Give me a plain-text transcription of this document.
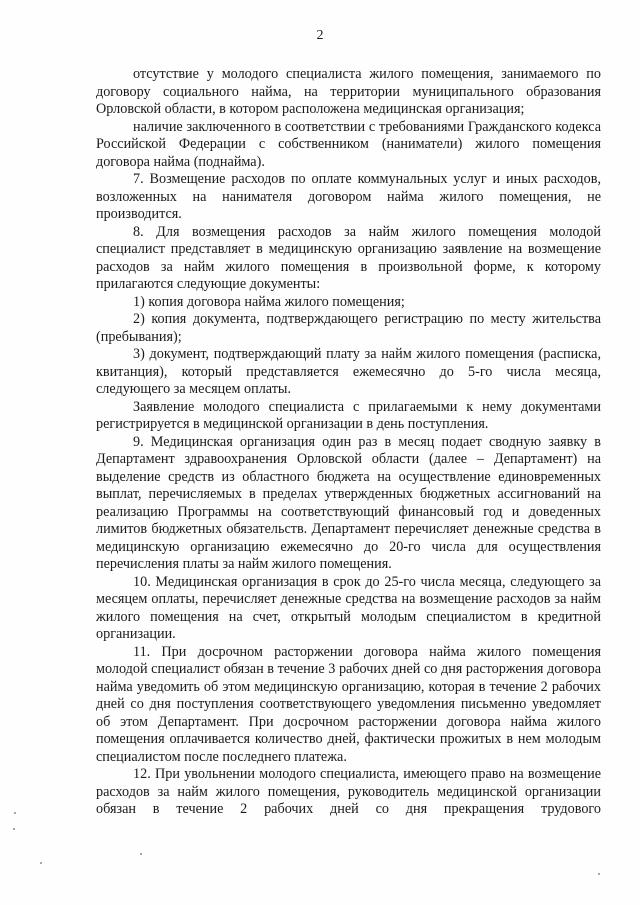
2

отсутствие у молодого специалиста жилого помещения, занимаемого по договору социального найма, на территории муниципального образования Орловской области, в котором расположена медицинская организация;

наличие заключенного в соответствии с требованиями Гражданского кодекса Российской Федерации с собственником (наниматели) жилого помещения договора найма (поднайма).

7. Возмещение расходов по оплате коммунальных услуг и иных расходов, возложенных на нанимателя договором найма жилого помещения, не производится.

8. Для возмещения расходов за найм жилого помещения молодой специалист представляет в медицинскую организацию заявление на возмещение расходов за найм жилого помещения в произвольной форме, к которому прилагаются следующие документы:

1) копия договора найма жилого помещения;

2) копия документа, подтверждающего регистрацию по месту жительства (пребывания);

3) документ, подтверждающий плату за найм жилого помещения (расписка, квитанция), который представляется ежемесячно до 5-го числа месяца, следующего за месяцем оплаты.

Заявление молодого специалиста с прилагаемыми к нему документами регистрируется в медицинской организации в день поступления.

9. Медицинская организация один раз в месяц подает сводную заявку в Департамент здравоохранения Орловской области (далее – Департамент) на выделение средств из областного бюджета на осуществление единовременных выплат, перечисляемых в пределах утвержденных бюджетных ассигнований на реализацию Программы на соответствующий финансовый год и доведенных лимитов бюджетных обязательств. Департамент перечисляет денежные средства в медицинскую организацию ежемесячно до 20-го числа для осуществления перечисления платы за найм жилого помещения.

10. Медицинская организация в срок до 25-го числа месяца, следующего за месяцем оплаты, перечисляет денежные средства на возмещение расходов за найм жилого помещения на счет, открытый молодым специалистом в кредитной организации.

11. При досрочном расторжении договора найма жилого помещения молодой специалист обязан в течение 3 рабочих дней со дня расторжения договора найма уведомить об этом медицинскую организацию, которая в течение 2 рабочих дней со дня поступления соответствующего уведомления письменно уведомляет об этом Департамент. При досрочном расторжении договора найма жилого помещения оплачивается количество дней, фактически прожитых в нем молодым специалистом после последнего платежа.

12. При увольнении молодого специалиста, имеющего право на возмещение расходов за найм жилого помещения, руководитель медицинской организации обязан в течение 2 рабочих дней со дня прекращения трудового
